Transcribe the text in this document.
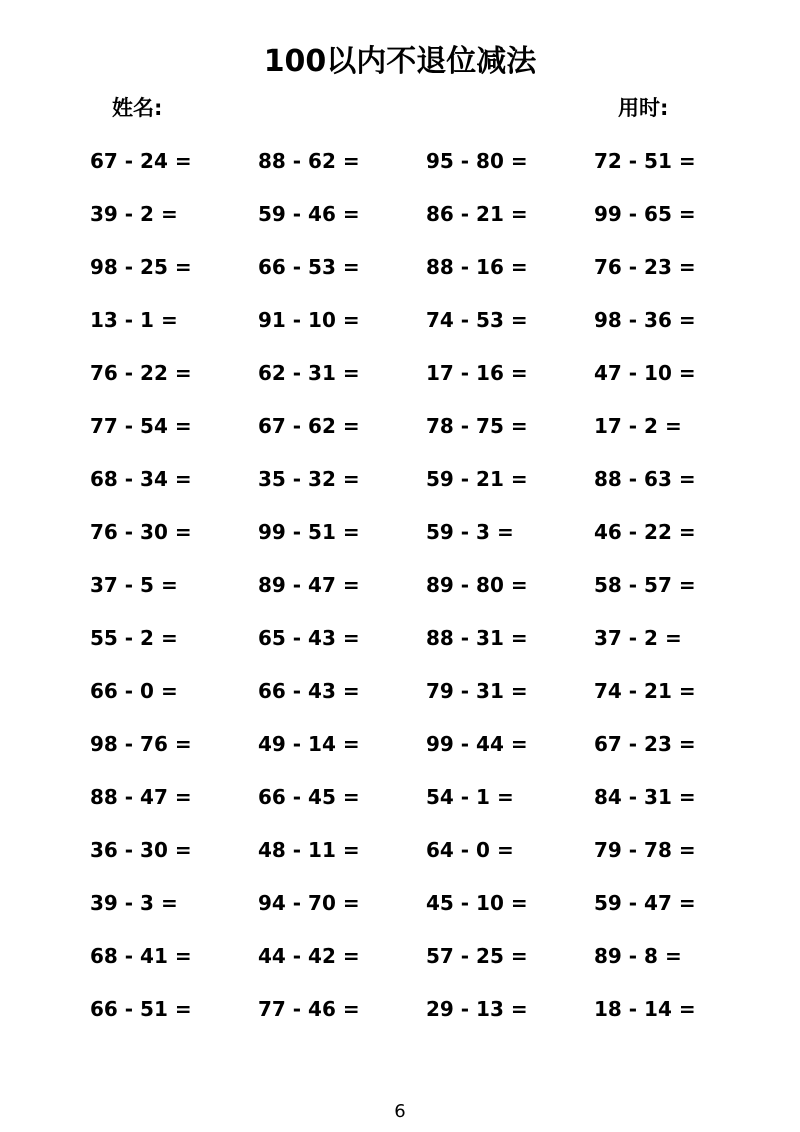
100以内不退位减法
姓名:	用时:
67 - 24 =	88 - 62 =	95 - 80 =	72 - 51 =
39 - 2 =	59 - 46 =	86 - 21 =	99 - 65 =
98 - 25 =	66 - 53 =	88 - 16 =	76 - 23 =
13 - 1 =	91 - 10 =	74 - 53 =	98 - 36 =
76 - 22 =	62 - 31 =	17 - 16 =	47 - 10 =
77 - 54 =	67 - 62 =	78 - 75 =	17 - 2 =
68 - 34 =	35 - 32 =	59 - 21 =	88 - 63 =
76 - 30 =	99 - 51 =	59 - 3 =	46 - 22 =
37 - 5 =	89 - 47 =	89 - 80 =	58 - 57 =
55 - 2 =	65 - 43 =	88 - 31 =	37 - 2 =
66 - 0 =	66 - 43 =	79 - 31 =	74 - 21 =
98 - 76 =	49 - 14 =	99 - 44 =	67 - 23 =
88 - 47 =	66 - 45 =	54 - 1 =	84 - 31 =
36 - 30 =	48 - 11 =	64 - 0 =	79 - 78 =
39 - 3 =	94 - 70 =	45 - 10 =	59 - 47 =
68 - 41 =	44 - 42 =	57 - 25 =	89 - 8 =
66 - 51 =	77 - 46 =	29 - 13 =	18 - 14 =
6
